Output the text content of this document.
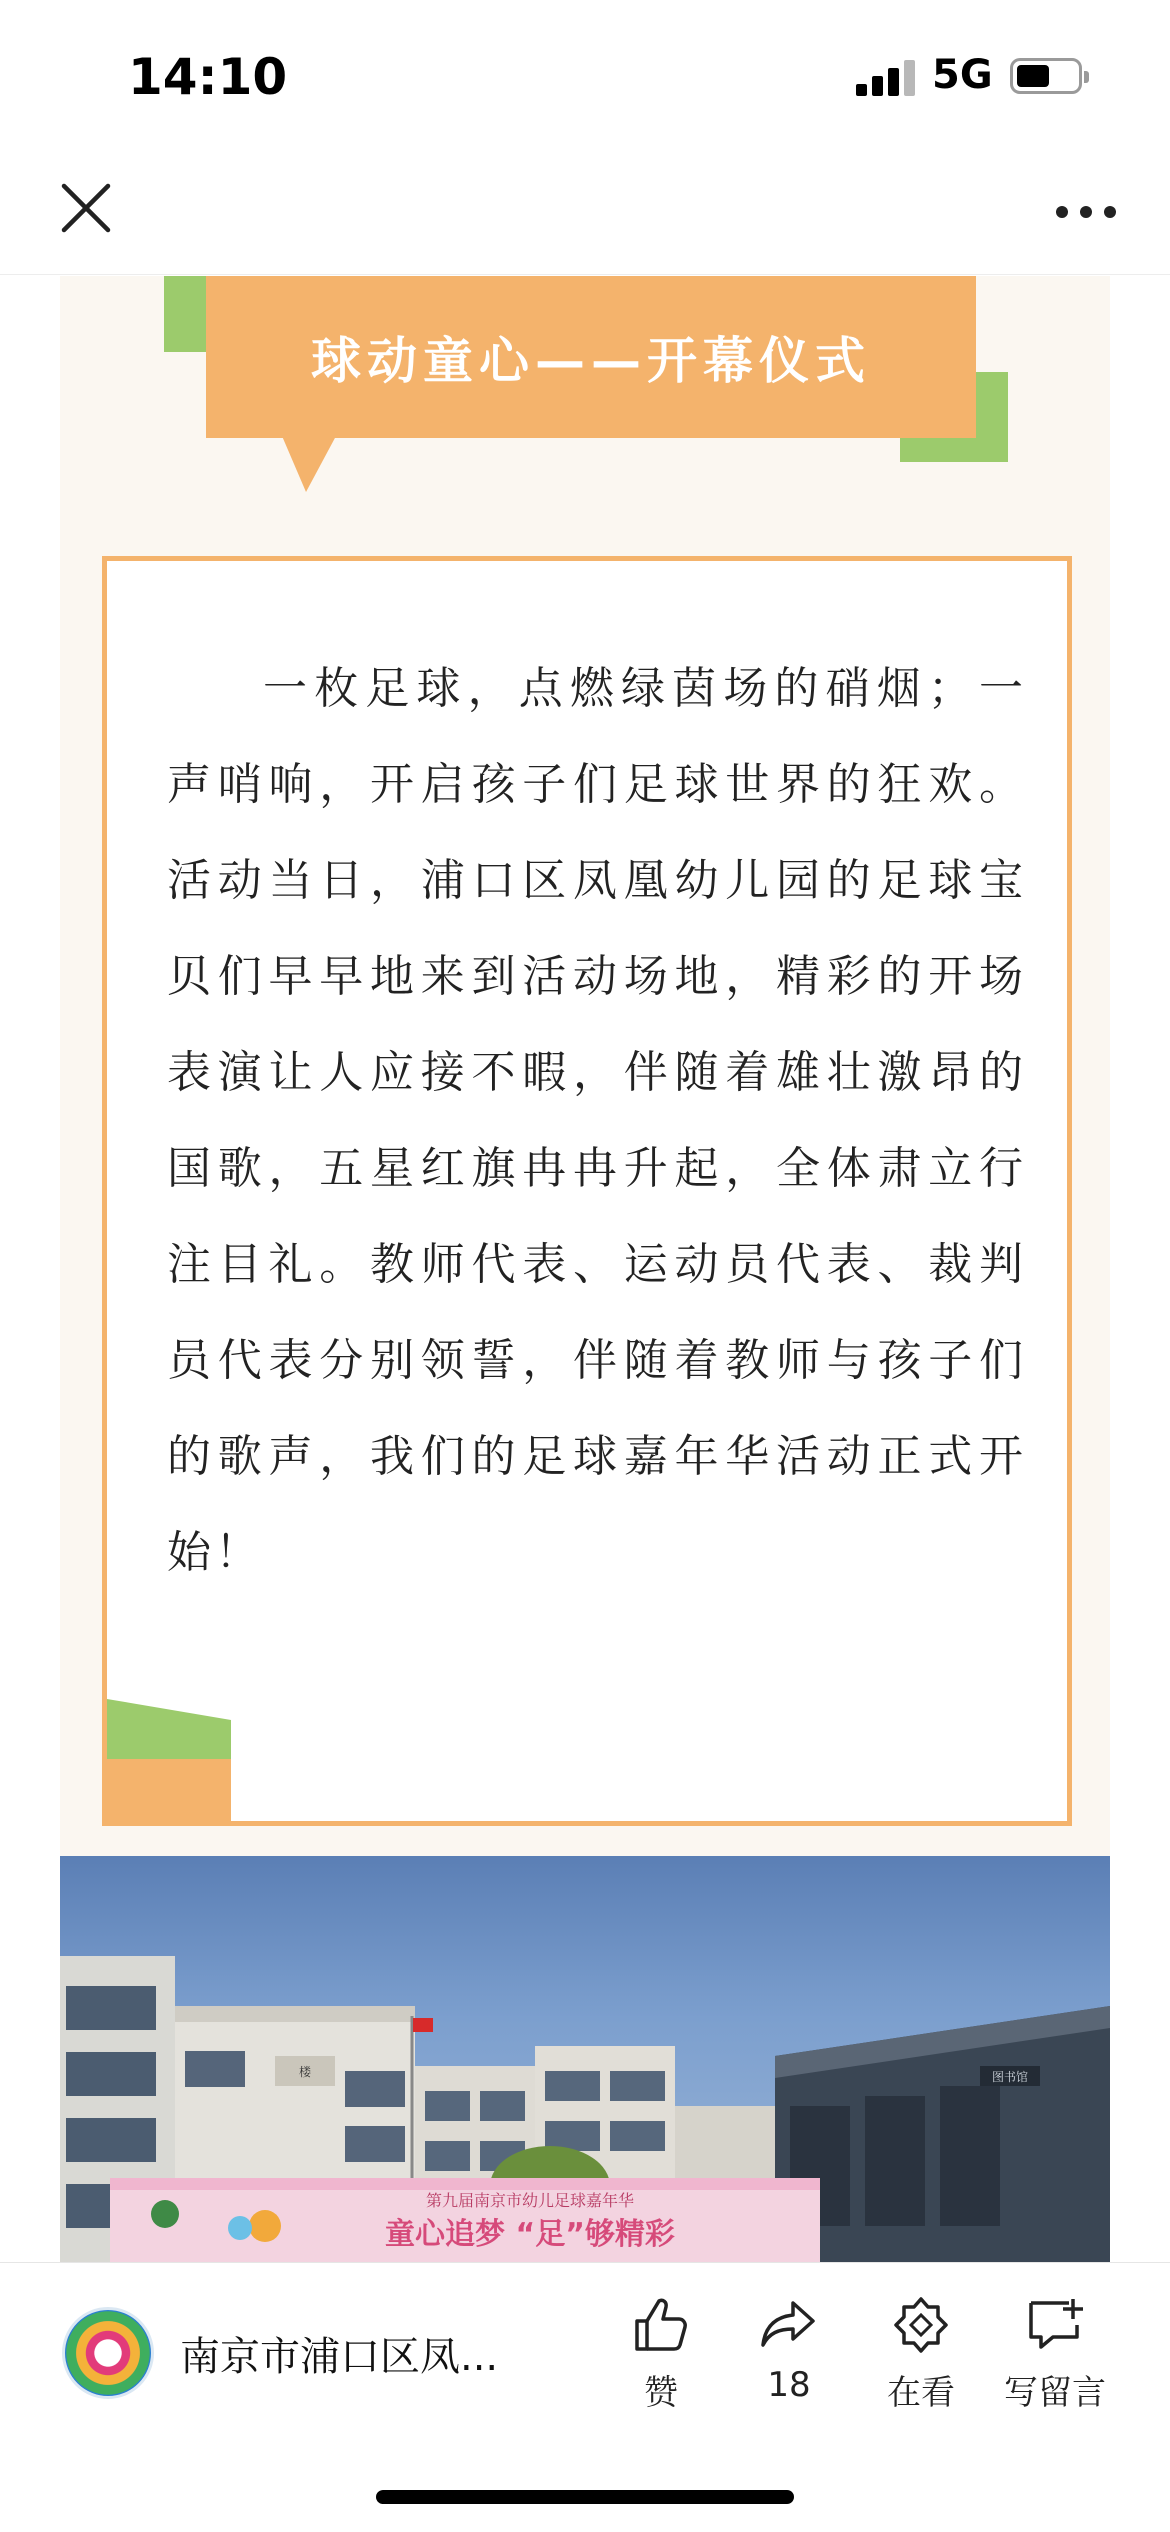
14:10	5G
球动童心——开幕仪式
一枚足球，点燃绿茵场的硝烟；一声哨响，开启孩子们足球世界的狂欢。活动当日，浦口区凤凰幼儿园的足球宝贝们早早地来到活动场地，精彩的开场表演让人应接不暇，伴随着雄壮激昂的国歌，五星红旗冉冉升起，全体肃立行注目礼。教师代表、运动员代表、裁判员代表分别领誓，伴随着教师与孩子们的歌声，我们的足球嘉年华活动正式开始！
楼	图书馆
第九届南京市幼儿足球嘉年华
童心追梦 “足”够精彩
南京市浦口区凤...
赞	18	在看	写留言
